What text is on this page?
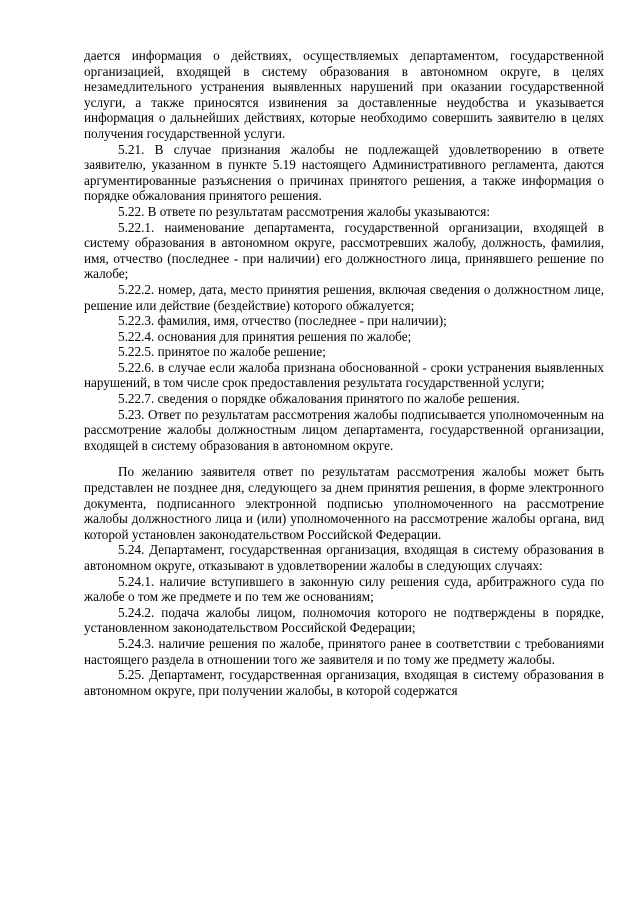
дается информация о действиях, осуществляемых департаментом, государственной организацией, входящей в систему образования в автономном округе, в целях незамедлительного устранения выявленных нарушений при оказании государственной услуги, а также приносятся извинения за доставленные неудобства и указывается информация о дальнейших действиях, которые необходимо совершить заявителю в целях получения государственной услуги.

5.21. В случае признания жалобы не подлежащей удовлетворению в ответе заявителю, указанном в пункте 5.19 настоящего Административного регламента, даются аргументированные разъяснения о причинах принятого решения, а также информация о порядке обжалования принятого решения.

5.22. В ответе по результатам рассмотрения жалобы указываются:

5.22.1. наименование департамента, государственной организации, входящей в систему образования в автономном округе, рассмотревших жалобу, должность, фамилия, имя, отчество (последнее - при наличии) его должностного лица, принявшего решение по жалобе;

5.22.2. номер, дата, место принятия решения, включая сведения о должностном лице, решение или действие (бездействие) которого обжалуется;

5.22.3. фамилия, имя, отчество (последнее - при наличии);

5.22.4. основания для принятия решения по жалобе;

5.22.5. принятое по жалобе решение;

5.22.6. в случае если жалоба признана обоснованной - сроки устранения выявленных нарушений, в том числе срок предоставления результата государственной услуги;

5.22.7. сведения о порядке обжалования принятого по жалобе решения.

5.23. Ответ по результатам рассмотрения жалобы подписывается уполномоченным на рассмотрение жалобы должностным лицом департамента, государственной организации, входящей в систему образования в автономном округе.

По желанию заявителя ответ по результатам рассмотрения жалобы может быть представлен не позднее дня, следующего за днем принятия решения, в форме электронного документа, подписанного электронной подписью уполномоченного на рассмотрение жалобы должностного лица и (или) уполномоченного на рассмотрение жалобы органа, вид которой установлен законодательством Российской Федерации.

5.24. Департамент, государственная организация, входящая в систему образования в автономном округе, отказывают в удовлетворении жалобы в следующих случаях:

5.24.1. наличие вступившего в законную силу решения суда, арбитражного суда по жалобе о том же предмете и по тем же основаниям;

5.24.2. подача жалобы лицом, полномочия которого не подтверждены в порядке, установленном законодательством Российской Федерации;

5.24.3. наличие решения по жалобе, принятого ранее в соответствии с требованиями настоящего раздела в отношении того же заявителя и по тому же предмету жалобы.

5.25. Департамент, государственная организация, входящая в систему образования в автономном округе, при получении жалобы, в которой содержатся
